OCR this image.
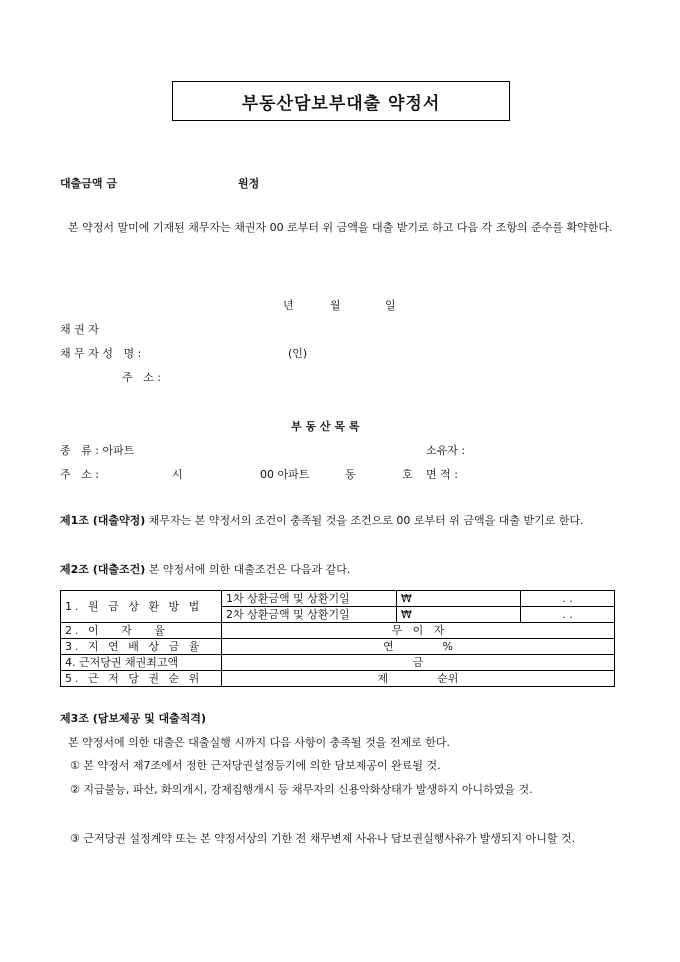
부동산담보부대출 약정서
대출금액 금	원정
본 약정서 말미에 기재된 채무자는 채권자 00 로부터 위 금액을 대출 받기로 하고 다음 각 조항의 준수를 확약한다.
년	월	일
채 권 자
채 무 자 성   명 :	(인)
주   소 :
부 동 산 목 록
종   류 : 아파트	소유자 :
주   소 :	시	00 아파트	동	호 면 적 :
제1조 (대출약정) 채무자는 본 약정서의 조건이 충족될 것을 조건으로 00 로부터 위 금액을 대출 받기로 한다.
제2조 (대출조건) 본 약정서에 의한 대출조건은 다음과 같다.
1. 원 금 상 환 방 법	1차 상환금액 및 상환기일	₩	. .
	2차 상환금액 및 상환기일	₩	. .
2. 이   자   율	무   이   자		
3. 지 연 배 상 금 율	연              %		
4. 근저당권 채권최고액	금		
5. 근 저 당 권 순 위	제              순위		
제3조 (담보제공 및 대출적격)
본 약정서에 의한 대출은 대출실행 시까지 다음 사항이 충족될 것을 전제로 한다.
① 본 약정서 제7조에서 정한 근저당권설정등기에 의한 담보제공이 완료될 것.
② 지급불능, 파산, 화의개시, 강제집행개시 등 채무자의 신용악화상태가 발생하지 아니하였을 것.
③ 근저당권 설정계약 또는 본 약정서상의 기한 전 채무변제 사유나 담보권실행사유가 발생되지 아니할 것.
